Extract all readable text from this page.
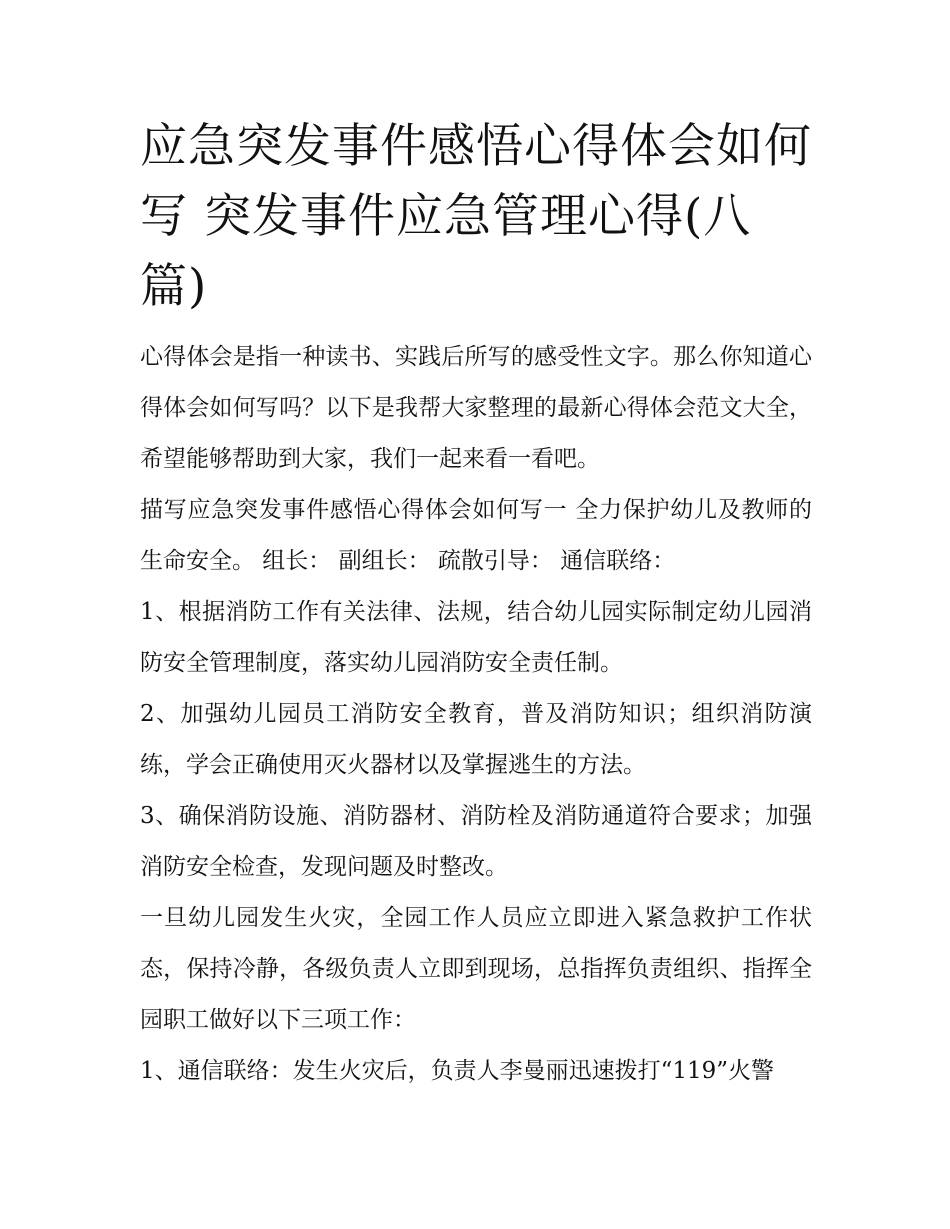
应急突发事件感悟心得体会如何写 突发事件应急管理心得(八篇)

心得体会是指一种读书、实践后所写的感受性文字。那么你知道心得体会如何写吗？以下是我帮大家整理的最新心得体会范文大全，希望能够帮助到大家，我们一起来看一看吧。

描写应急突发事件感悟心得体会如何写一 全力保护幼儿及教师的生命安全。 组长： 副组长： 疏散引导： 通信联络：

1、根据消防工作有关法律、法规，结合幼儿园实际制定幼儿园消防安全管理制度，落实幼儿园消防安全责任制。

2、加强幼儿园员工消防安全教育，普及消防知识；组织消防演练，学会正确使用灭火器材以及掌握逃生的方法。

3、确保消防设施、消防器材、消防栓及消防通道符合要求；加强消防安全检查，发现问题及时整改。

一旦幼儿园发生火灾，全园工作人员应立即进入紧急救护工作状态，保持冷静，各级负责人立即到现场，总指挥负责组织、指挥全园职工做好以下三项工作：

1、通信联络：发生火灾后，负责人李曼丽迅速拨打“119”火警
